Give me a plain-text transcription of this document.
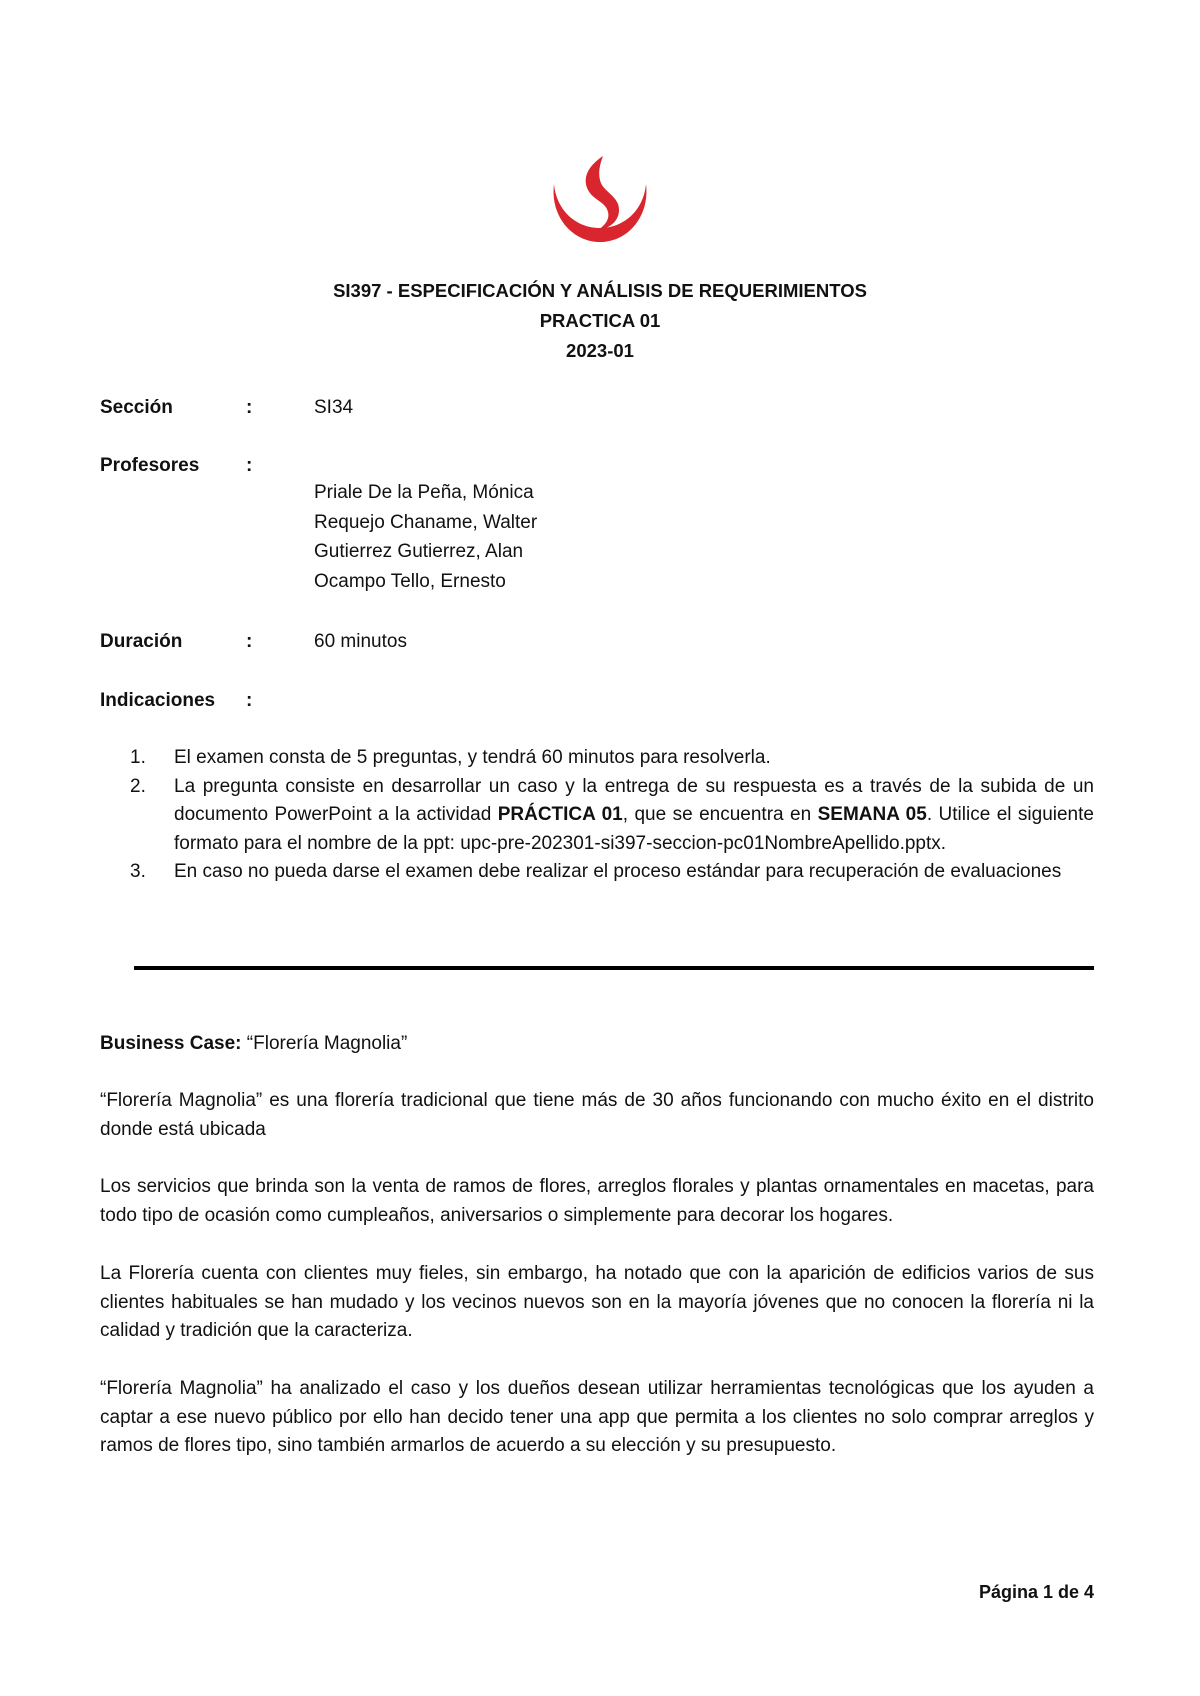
SI397 - ESPECIFICACIÓN Y ANÁLISIS DE REQUERIMIENTOS
PRACTICA 01
2023-01
Sección	:	SI34
Profesores	:
Priale De la Peña, Mónica
Requejo Chaname, Walter
Gutierrez Gutierrez, Alan
Ocampo Tello, Ernesto
Duración	:	60 minutos
Indicaciones	:
1. El examen consta de 5 preguntas, y tendrá 60 minutos para resolverla.
2. La pregunta consiste en desarrollar un caso y la entrega de su respuesta es a través de la subida de un documento PowerPoint a la actividad PRÁCTICA 01, que se encuentra en SEMANA 05. Utilice el siguiente formato para el nombre de la ppt: upc-pre-202301-si397-seccion-pc01NombreApellido.pptx.
3. En caso no pueda darse el examen debe realizar el proceso estándar para recuperación de evaluaciones
Business Case: “Florería Magnolia”
“Florería Magnolia” es una florería tradicional que tiene más de 30 años funcionando con mucho éxito en el distrito donde está ubicada
Los servicios que brinda son la venta de ramos de flores, arreglos florales y plantas ornamentales en macetas, para todo tipo de ocasión como cumpleaños, aniversarios o simplemente para decorar los hogares.
La Florería cuenta con clientes muy fieles, sin embargo, ha notado que con la aparición de edificios varios de sus clientes habituales se han mudado y los vecinos nuevos son en la mayoría jóvenes que no conocen la florería ni la calidad y tradición que la caracteriza.
“Florería Magnolia” ha analizado el caso y los dueños desean utilizar herramientas tecnológicas que los ayuden a captar a ese nuevo público por ello han decido tener una app que permita a los clientes no solo comprar arreglos y ramos de flores tipo, sino también armarlos de acuerdo a su elección y su presupuesto.
Página 1 de 4
